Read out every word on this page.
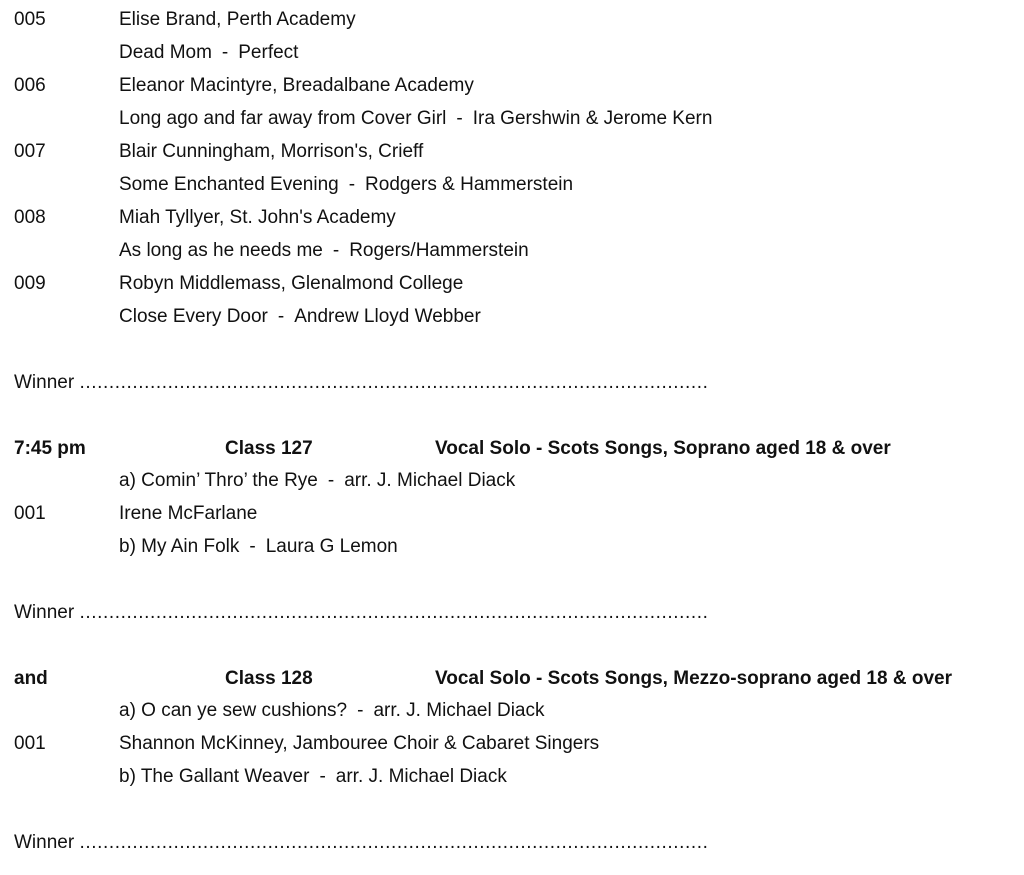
005	Elise Brand, Perth Academy
Dead Mom - Perfect
006	Eleanor Macintyre, Breadalbane Academy
Long ago and far away from Cover Girl - Ira Gershwin & Jerome Kern
007	Blair Cunningham, Morrison's, Crieff
Some Enchanted Evening - Rodgers & Hammerstein
008	Miah Tyllyer, St. John's Academy
As long as he needs me - Rogers/Hammerstein
009	Robyn Middlemass, Glenalmond College
Close Every Door - Andrew Lloyd Webber
Winner ...........................................................................................................
7:45 pm	Class 127	Vocal Solo - Scots Songs, Soprano aged 18 & over
a) Comin’ Thro’ the Rye - arr. J. Michael Diack
001	Irene McFarlane
b) My Ain Folk - Laura G Lemon
Winner ...........................................................................................................
and	Class 128	Vocal Solo - Scots Songs, Mezzo-soprano aged 18 & over
a) O can ye sew cushions? - arr. J. Michael Diack
001	Shannon McKinney, Jambouree Choir & Cabaret Singers
b) The Gallant Weaver - arr. J. Michael Diack
Winner ...........................................................................................................
